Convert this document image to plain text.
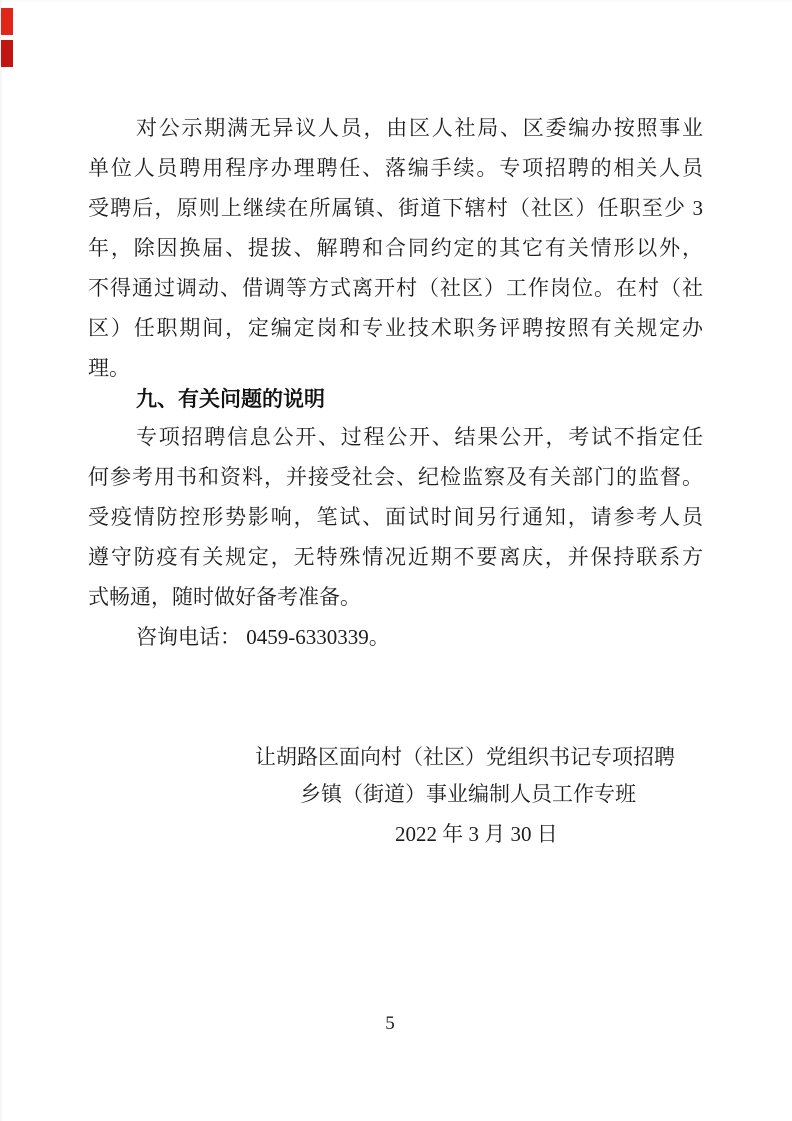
对公示期满无异议人员，由区人社局、区委编办按照事业
单位人员聘用程序办理聘任、落编手续。专项招聘的相关人员
受聘后，原则上继续在所属镇、街道下辖村（社区）任职至少 3
年，除因换届、提拔、解聘和合同约定的其它有关情形以外，
不得通过调动、借调等方式离开村（社区）工作岗位。在村（社
区）任职期间，定编定岗和专业技术职务评聘按照有关规定办
理。
九、有关问题的说明
专项招聘信息公开、过程公开、结果公开，考试不指定任
何参考用书和资料，并接受社会、纪检监察及有关部门的监督。
受疫情防控形势影响，笔试、面试时间另行通知，请参考人员
遵守防疫有关规定，无特殊情况近期不要离庆，并保持联系方
式畅通，随时做好备考准备。
咨询电话： 0459-6330339。
让胡路区面向村（社区）党组织书记专项招聘
乡镇（街道）事业编制人员工作专班
2022 年 3 月 30 日
5
